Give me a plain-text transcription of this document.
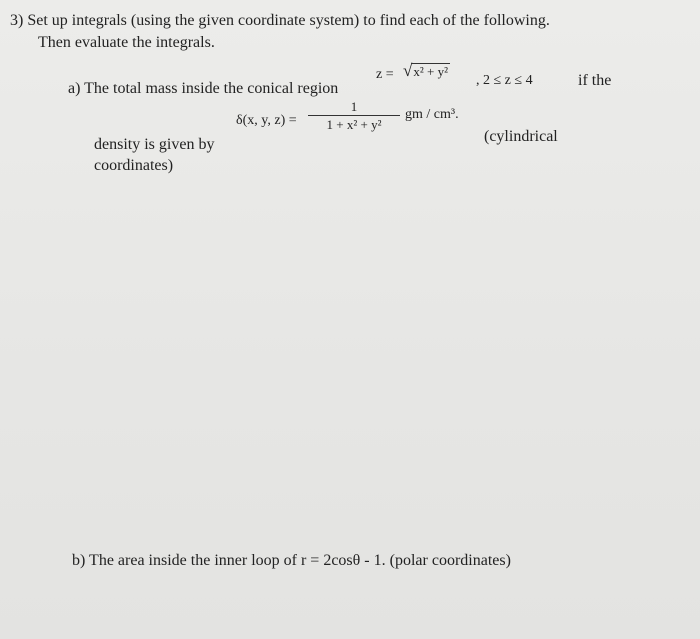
3) Set up integrals (using the given coordinate system) to find each of the following.
Then evaluate the integrals.
a) The total mass inside the conical region
z = √x² + y²
, 2 ≤ z ≤ 4	if the
δ(x, y, z) =
1
1 + x² + y²
gm / cm³.
density is given by	(cylindrical
coordinates)
b) The area inside the inner loop of r = 2cosθ - 1. (polar coordinates)
